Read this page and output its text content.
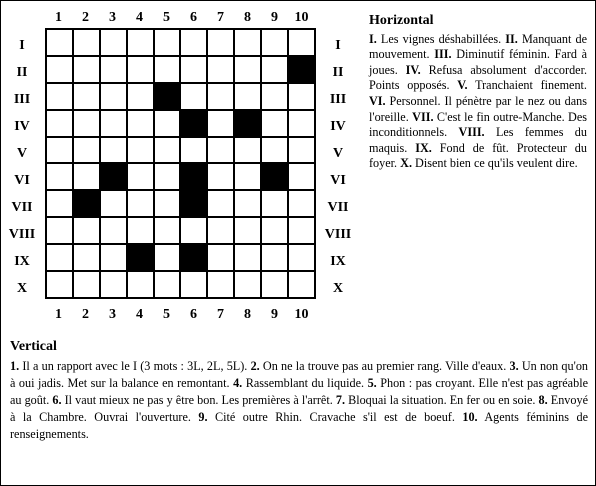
1	2	3	4	5	6	7	8	9	10
1	2	3	4	5	6	7	8	9	10
I
II
III
IV
V
VI
VII
VIII
IX
X
I
II
III
IV
V
VI
VII
VIII
IX
X
Horizontal
I. Les vignes déshabillées. II. Manquant de mouvement. III. Diminutif féminin. Fard à joues. IV. Refusa absolument d'accorder. Points opposés. V. Tranchaient finement. VI. Personnel. Il pénètre par le nez ou dans l'oreille. VII. C'est le fin outre-Manche. Des inconditionnels. VIII. Les femmes du maquis. IX. Fond de fût. Protecteur du foyer. X. Disent bien ce qu'ils veulent dire.
Vertical
1. Il a un rapport avec le I (3 mots : 3L, 2L, 5L). 2. On ne la trouve pas au premier rang. Ville d'eaux. 3. Un non qu'on à oui jadis. Met sur la balance en remontant. 4. Rassemblant du liquide. 5. Phon : pas croyant. Elle n'est pas agréable au goût. 6. Il vaut mieux ne pas y être bon. Les premières à l'arrêt. 7. Bloquai la situation. En fer ou en soie. 8. Envoyé à la Chambre. Ouvrai l'ouverture. 9. Cité outre Rhin. Cravache s'il est de boeuf. 10. Agents féminins de renseignements.
